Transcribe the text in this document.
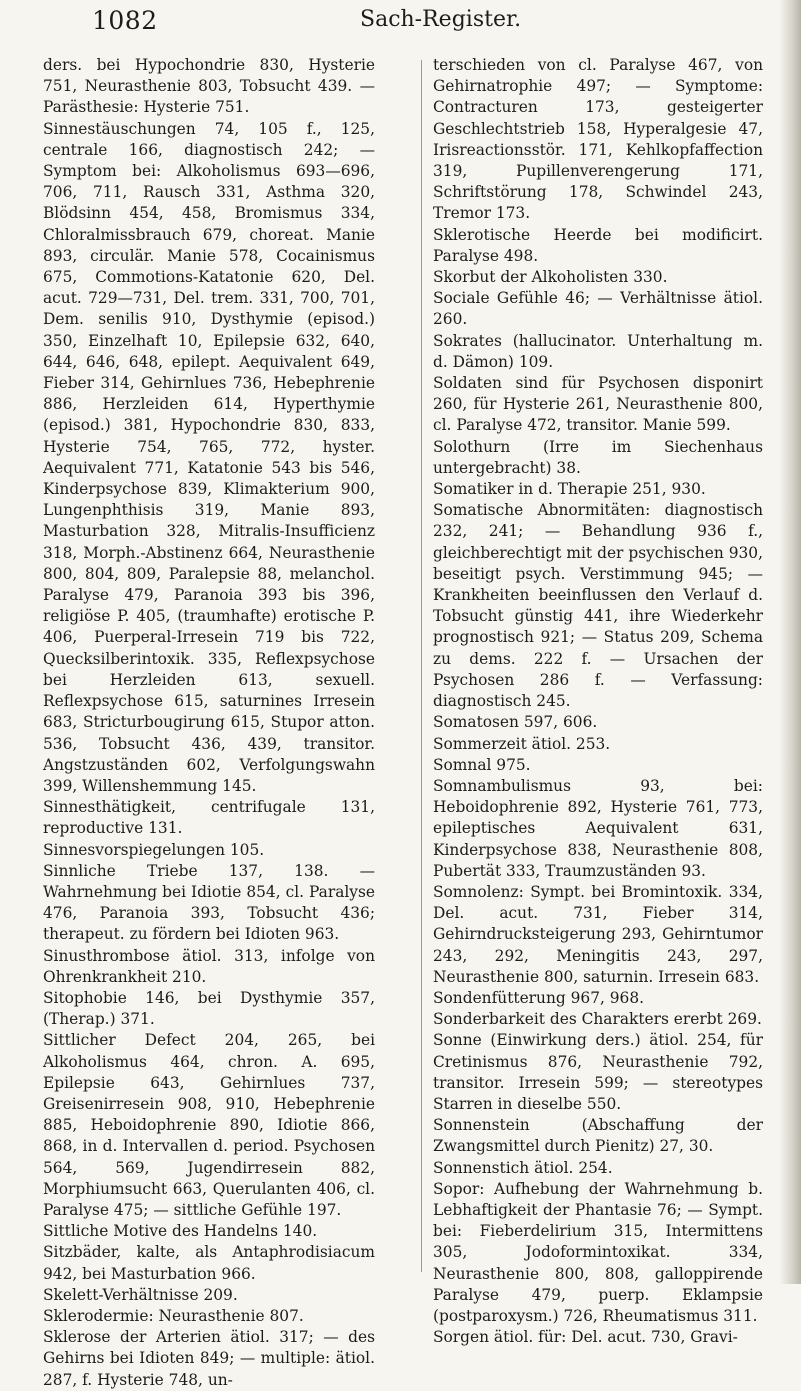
1082	Sach-Register.

ders. bei Hypochondrie 830, Hysterie 751, Neurasthenie 803, Tobsucht 439. — Parästhesie: Hysterie 751.

Sinnestäuschungen 74, 105 f., 125, centrale 166, diagnostisch 242; — Symptom bei: Alkoholismus 693—696, 706, 711, Rausch 331, Asthma 320, Blödsinn 454, 458, Bromismus 334, Chloralmissbrauch 679, choreat. Manie 893, circulär. Manie 578, Cocainismus 675, Commotions-Katatonie 620, Del. acut. 729—731, Del. trem. 331, 700, 701, Dem. senilis 910, Dysthymie (episod.) 350, Einzelhaft 10, Epilepsie 632, 640, 644, 646, 648, epilept. Aequivalent 649, Fieber 314, Gehirnlues 736, Hebephrenie 886, Herzleiden 614, Hyperthymie (episod.) 381, Hypochondrie 830, 833, Hysterie 754, 765, 772, hyster. Aequivalent 771, Katatonie 543 bis 546, Kinderpsychose 839, Klimakterium 900, Lungenphthisis 319, Manie 893, Masturbation 328, Mitralis-Insufficienz 318, Morph.-Abstinenz 664, Neurasthenie 800, 804, 809, Paralepsie 88, melanchol. Paralyse 479, Paranoia 393 bis 396, religiöse P. 405, (traumhafte) erotische P. 406, Puerperal-Irresein 719 bis 722, Quecksilberintoxik. 335, Reflexpsychose bei Herzleiden 613, sexuell. Reflexpsychose 615, saturnines Irresein 683, Stricturbougirung 615, Stupor atton. 536, Tobsucht 436, 439, transitor. Angstzuständen 602, Verfolgungswahn 399, Willenshemmung 145.

Sinnesthätigkeit, centrifugale 131, reproductive 131.

Sinnesvorspiegelungen 105.

Sinnliche Triebe 137, 138. — Wahrnehmung bei Idiotie 854, cl. Paralyse 476, Paranoia 393, Tobsucht 436; therapeut. zu fördern bei Idioten 963.

Sinusthrombose ätiol. 313, infolge von Ohrenkrankheit 210.

Sitophobie 146, bei Dysthymie 357, (Therap.) 371.

Sittlicher Defect 204, 265, bei Alkoholismus 464, chron. A. 695, Epilepsie 643, Gehirnlues 737, Greisenirresein 908, 910, Hebephrenie 885, Heboidophrenie 890, Idiotie 866, 868, in d. Intervallen d. period. Psychosen 564, 569, Jugendirresein 882, Morphiumsucht 663, Querulanten 406, cl. Paralyse 475; — sittliche Gefühle 197.

Sittliche Motive des Handelns 140.

Sitzbäder, kalte, als Antaphrodisiacum 942, bei Masturbation 966.

Skelett-Verhältnisse 209.

Sklerodermie: Neurasthenie 807.

Sklerose der Arterien ätiol. 317; — des Gehirns bei Idioten 849; — multiple: ätiol. 287, f. Hysterie 748, un-

terschieden von cl. Paralyse 467, von Gehirnatrophie 497; — Symptome: Contracturen 173, gesteigerter Geschlechtstrieb 158, Hyperalgesie 47, Irisreactionsstör. 171, Kehlkopfaffection 319, Pupillenverengerung 171, Schriftstörung 178, Schwindel 243, Tremor 173.

Sklerotische Heerde bei modificirt. Paralyse 498.

Skorbut der Alkoholisten 330.

Sociale Gefühle 46; — Verhältnisse ätiol. 260.

Sokrates (hallucinator. Unterhaltung m. d. Dämon) 109.

Soldaten sind für Psychosen disponirt 260, für Hysterie 261, Neurasthenie 800, cl. Paralyse 472, transitor. Manie 599.

Solothurn (Irre im Siechenhaus untergebracht) 38.

Somatiker in d. Therapie 251, 930.

Somatische Abnormitäten: diagnostisch 232, 241; — Behandlung 936 f., gleichberechtigt mit der psychischen 930, beseitigt psych. Verstimmung 945; — Krankheiten beeinflussen den Verlauf d. Tobsucht günstig 441, ihre Wiederkehr prognostisch 921; — Status 209, Schema zu dems. 222 f. — Ursachen der Psychosen 286 f. — Verfassung: diagnostisch 245.

Somatosen 597, 606.

Sommerzeit ätiol. 253.

Somnal 975.

Somnambulismus 93, bei: Heboidophrenie 892, Hysterie 761, 773, epileptisches Aequivalent 631, Kinderpsychose 838, Neurasthenie 808, Pubertät 333, Traumzuständen 93.

Somnolenz: Sympt. bei Bromintoxik. 334, Del. acut. 731, Fieber 314, Gehirndrucksteigerung 293, Gehirntumor 243, 292, Meningitis 243, 297, Neurasthenie 800, saturnin. Irresein 683.

Sondenfütterung 967, 968.

Sonderbarkeit des Charakters ererbt 269.

Sonne (Einwirkung ders.) ätiol. 254, für Cretinismus 876, Neurasthenie 792, transitor. Irresein 599; — stereotypes Starren in dieselbe 550.

Sonnenstein (Abschaffung der Zwangsmittel durch Pienitz) 27, 30.

Sonnenstich ätiol. 254.

Sopor: Aufhebung der Wahrnehmung b. Lebhaftigkeit der Phantasie 76; — Sympt. bei: Fieberdelirium 315, Intermittens 305, Jodoformintoxikat. 334, Neurasthenie 800, 808, galloppirende Paralyse 479, puerp. Eklampsie (postparoxysm.) 726, Rheumatismus 311.

Sorgen ätiol. für: Del. acut. 730, Gravi-
